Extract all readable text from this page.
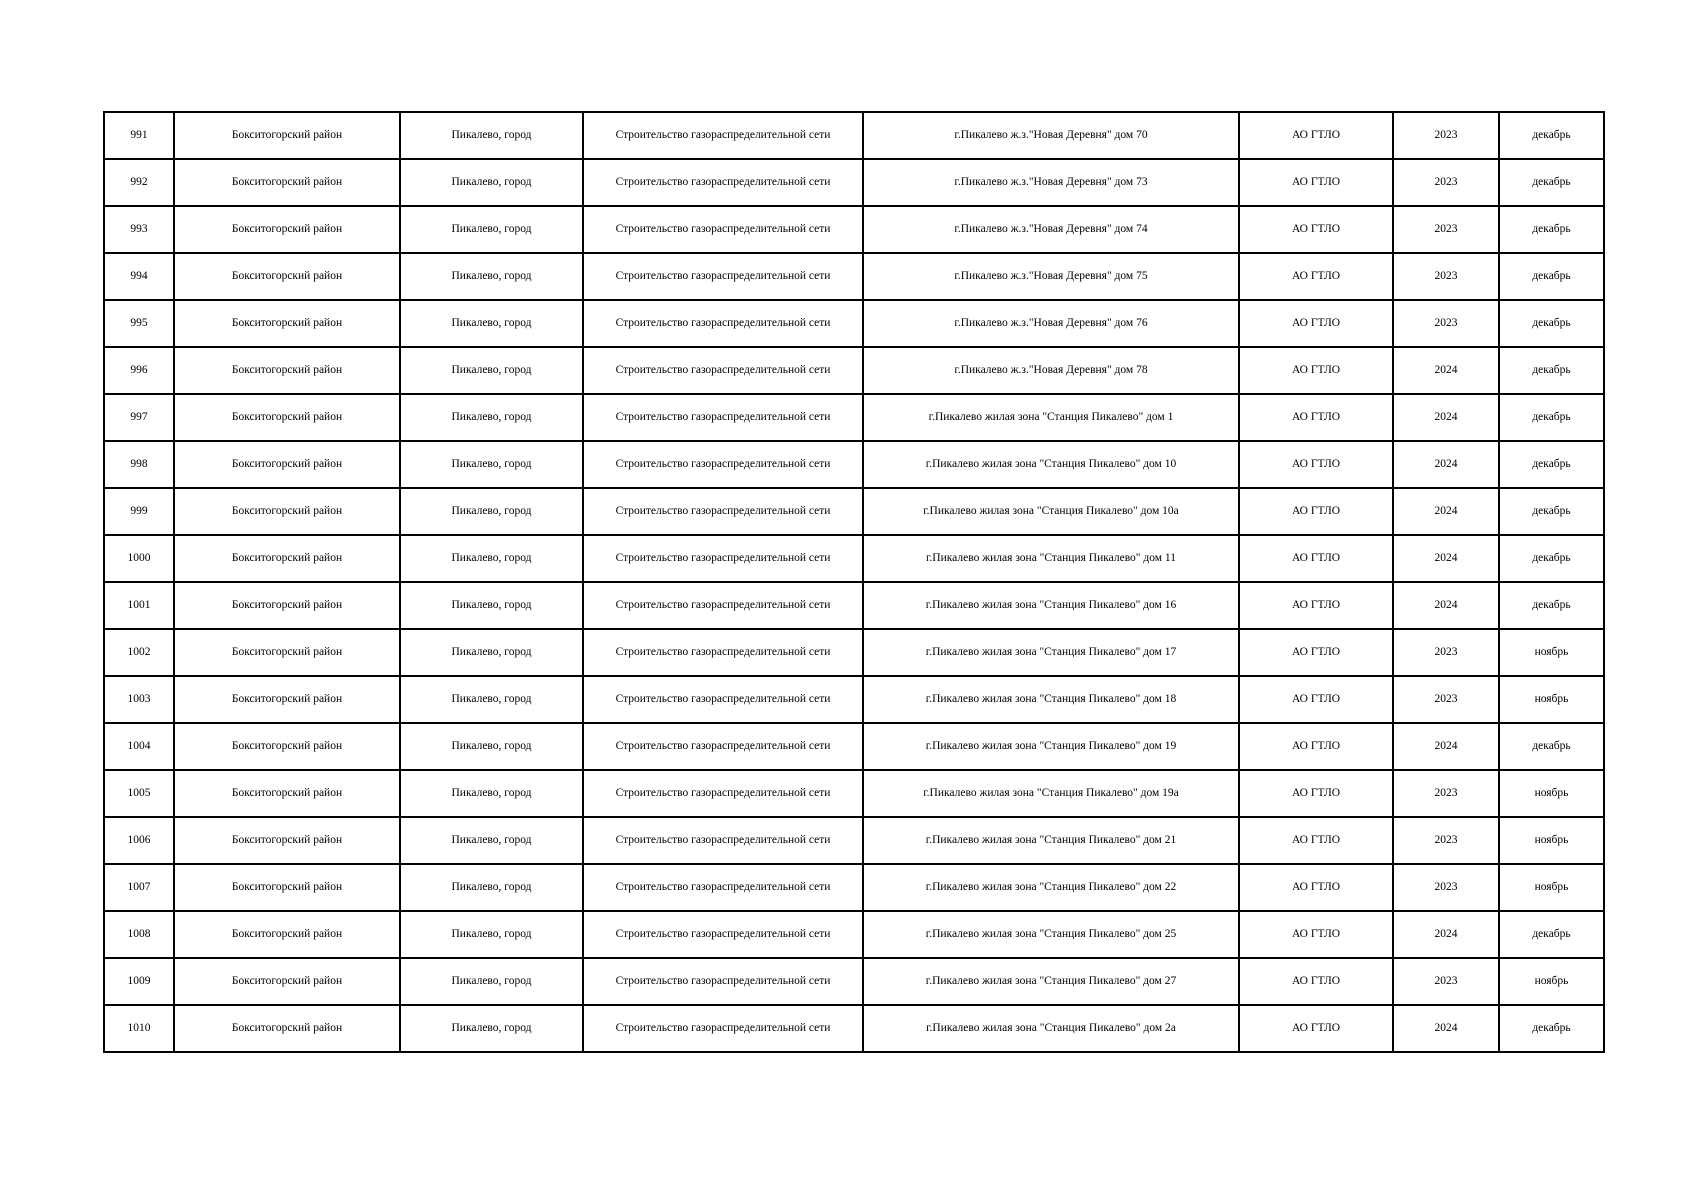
991	Бокситогорский район	Пикалево, город	Строительство газораспределительной сети	г.Пикалево ж.з."Новая Деревня" дом 70	АО ГТЛО	2023	декабрь
992	Бокситогорский район	Пикалево, город	Строительство газораспределительной сети	г.Пикалево ж.з."Новая Деревня" дом 73	АО ГТЛО	2023	декабрь
993	Бокситогорский район	Пикалево, город	Строительство газораспределительной сети	г.Пикалево ж.з."Новая Деревня" дом 74	АО ГТЛО	2023	декабрь
994	Бокситогорский район	Пикалево, город	Строительство газораспределительной сети	г.Пикалево ж.з."Новая Деревня" дом 75	АО ГТЛО	2023	декабрь
995	Бокситогорский район	Пикалево, город	Строительство газораспределительной сети	г.Пикалево ж.з."Новая Деревня" дом 76	АО ГТЛО	2023	декабрь
996	Бокситогорский район	Пикалево, город	Строительство газораспределительной сети	г.Пикалево ж.з."Новая Деревня" дом 78	АО ГТЛО	2024	декабрь
997	Бокситогорский район	Пикалево, город	Строительство газораспределительной сети	г.Пикалево жилая зона "Станция Пикалево" дом 1	АО ГТЛО	2024	декабрь
998	Бокситогорский район	Пикалево, город	Строительство газораспределительной сети	г.Пикалево жилая зона "Станция Пикалево" дом 10	АО ГТЛО	2024	декабрь
999	Бокситогорский район	Пикалево, город	Строительство газораспределительной сети	г.Пикалево жилая зона "Станция Пикалево" дом 10а	АО ГТЛО	2024	декабрь
1000	Бокситогорский район	Пикалево, город	Строительство газораспределительной сети	г.Пикалево жилая зона "Станция Пикалево" дом 11	АО ГТЛО	2024	декабрь
1001	Бокситогорский район	Пикалево, город	Строительство газораспределительной сети	г.Пикалево жилая зона "Станция Пикалево" дом 16	АО ГТЛО	2024	декабрь
1002	Бокситогорский район	Пикалево, город	Строительство газораспределительной сети	г.Пикалево жилая зона "Станция Пикалево" дом 17	АО ГТЛО	2023	ноябрь
1003	Бокситогорский район	Пикалево, город	Строительство газораспределительной сети	г.Пикалево жилая зона "Станция Пикалево" дом 18	АО ГТЛО	2023	ноябрь
1004	Бокситогорский район	Пикалево, город	Строительство газораспределительной сети	г.Пикалево жилая зона "Станция Пикалево" дом 19	АО ГТЛО	2024	декабрь
1005	Бокситогорский район	Пикалево, город	Строительство газораспределительной сети	г.Пикалево жилая зона "Станция Пикалево" дом 19а	АО ГТЛО	2023	ноябрь
1006	Бокситогорский район	Пикалево, город	Строительство газораспределительной сети	г.Пикалево жилая зона "Станция Пикалево" дом 21	АО ГТЛО	2023	ноябрь
1007	Бокситогорский район	Пикалево, город	Строительство газораспределительной сети	г.Пикалево жилая зона "Станция Пикалево" дом 22	АО ГТЛО	2023	ноябрь
1008	Бокситогорский район	Пикалево, город	Строительство газораспределительной сети	г.Пикалево жилая зона "Станция Пикалево" дом 25	АО ГТЛО	2024	декабрь
1009	Бокситогорский район	Пикалево, город	Строительство газораспределительной сети	г.Пикалево жилая зона "Станция Пикалево" дом 27	АО ГТЛО	2023	ноябрь
1010	Бокситогорский район	Пикалево, город	Строительство газораспределительной сети	г.Пикалево жилая зона "Станция Пикалево" дом 2а	АО ГТЛО	2024	декабрь
